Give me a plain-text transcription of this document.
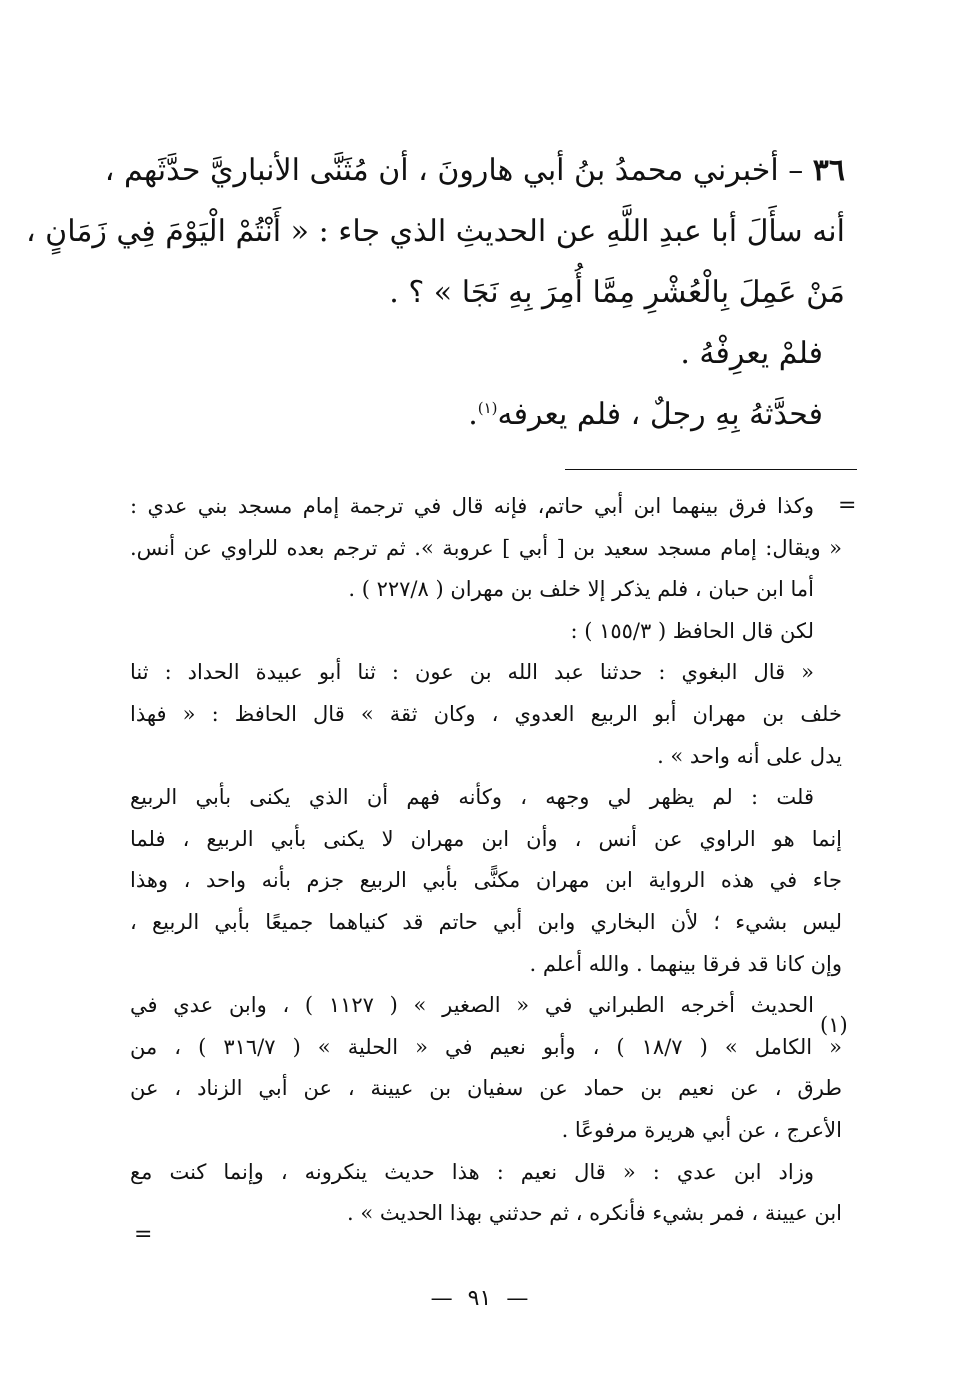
٣٦ – أخبرني محمدُ بنُ أبي هارونَ ، أن مُثَنَّى الأنباريَّ حدَّثَهم ،
أنه سأَلَ أبا عبدِ اللَّهِ عن الحديثِ الذي جاء : « أَنْتُمْ الْيَوْمَ فِي زَمَانٍ ،
مَنْ عَمِلَ بِالْعُشْرِ مِمَّا أُمِرَ بِهِ نَجَا » ؟ .
فلمْ يعرِفْهُ .
فحدَّثهُ بِهِ رجلٌ ، فلم يعرفه$^{(١)}$.
=
(١)
=
وكذا فرق بينهما ابن أبي حاتم، فإنه قال في ترجمة إمام مسجد بني عدي :
« ويقال: إمام مسجد سعيد بن [ أبي ] عروبة ». ثم ترجم بعده للراوي عن أنس.
أما ابن حبان ، فلم يذكر إلا خلف بن مهران ( ٢٢٧/٨ ) .
لكن قال الحافظ ( ١٥٥/٣ ) :
« قال البغوي : حدثنا عبد الله بن عون : ثنا أبو عبيدة الحداد : ثنا
خلف بن مهران أبو الربيع العدوي ، وكان ثقة » قال الحافظ : « فهذا
يدل على أنه واحد » .
قلت : لم يظهر لي وجهه ، وكأنه فهم أن الذي يكنى بأبي الربيع
إنما هو الراوي عن أنس ، وأن ابن مهران لا يكنى بأبي الربيع ، فلما
جاء في هذه الرواية ابن مهران مكنًّى بأبي الربيع جزم بأنه واحد ، وهذا
ليس بشيء ؛ لأن البخاري وابن أبي حاتم قد كنياهما جميعًا بأبي الربيع ،
وإن كانا قد فرقا بينهما . والله أعلم .
الحديث أخرجه الطبراني في « الصغير » ( ١١٢٧ ) ، وابن عدي في
« الكامل » ( ١٨/٧ ) ، وأبو نعيم في « الحلية » ( ٣١٦/٧ ) ، من
طرق ، عن نعيم بن حماد عن سفيان بن عيينة ، عن أبي الزناد ، عن
الأعرج ، عن أبي هريرة مرفوعًا .
وزاد ابن عدي : « قال نعيم : هذا حديث ينكرونه ، وإنما كنت مع
ابن عيينة ، فمر بشيء فأنكره ، ثم حدثني بهذا الحديث » .
— ٩١ —
